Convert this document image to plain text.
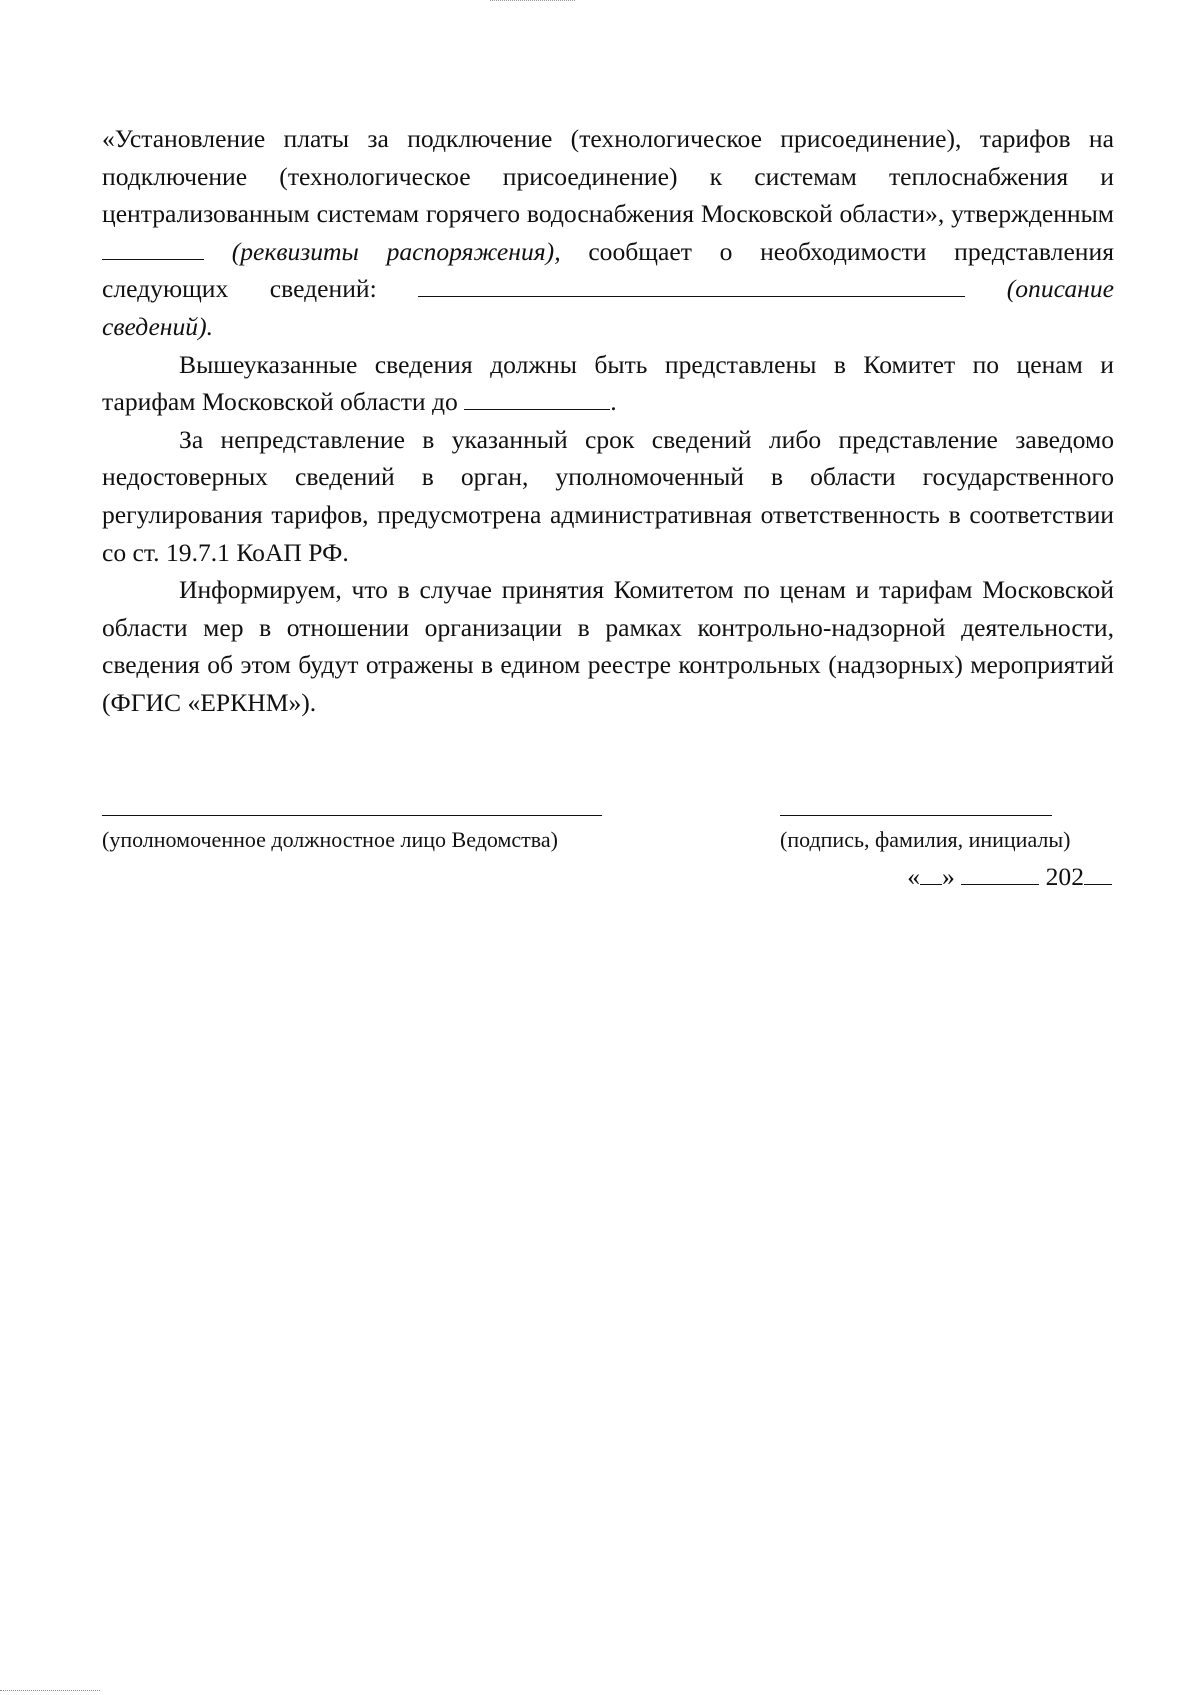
«Установление платы за подключение (технологическое присоединение), тарифов на подключение (технологическое присоединение) к системам теплоснабжения и централизованным системам горячего водоснабжения Московской области», утвержденным  (реквизиты распоряжения), сообщает о необходимости представления следующих сведений:	(описание сведений).

Вышеуказанные сведения должны быть представлены в Комитет по ценам и тарифам Московской области до	.

За непредставление в указанный срок сведений либо представление заведомо недостоверных сведений в орган, уполномоченный в области государственного регулирования тарифов, предусмотрена административная ответственность в соответствии со ст. 19.7.1 КоАП РФ.

Информируем, что в случае принятия Комитетом по ценам и тарифам Московской области мер в отношении организации в рамках контрольно-надзорной деятельности, сведения об этом будут отражены в едином реестре контрольных (надзорных) мероприятий (ФГИС «ЕРКНМ»).

(уполномоченное должностное лицо Ведомства)	(подпись, фамилия, инициалы)
« »	202
